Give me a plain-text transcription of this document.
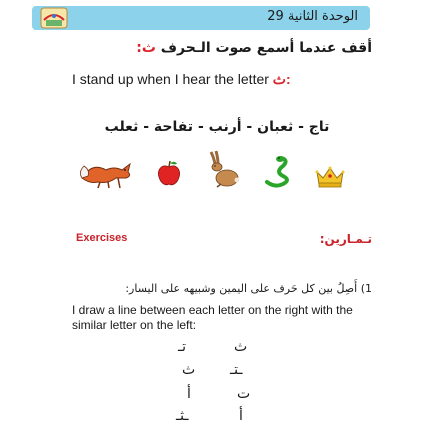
الوحدة الثانية 29
أقف عندما أسمع صوت الـحرف ث:
I stand up when I hear the letter ث:
تاج - ثعبان - أرنب - تفاحة - ثعلب
Exercises	تـمـارين:
1) أَصِلُ بين كل حَرف على اليمين وشبيهه على اليسار:
I draw a line between each letter on the right with the similar letter on the left:
ث
تـ
ـتـ
ث
ت
أ
أ
ـثـ
